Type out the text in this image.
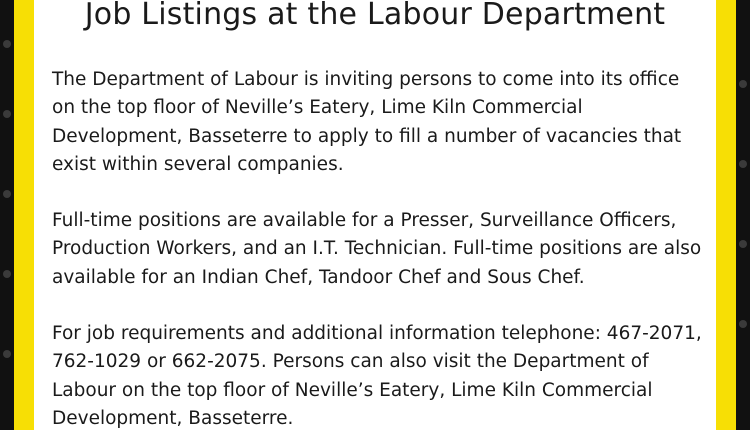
Job Listings at the Labour Department

The Department of Labour is inviting persons to come into its office on the top floor of Neville’s Eatery, Lime Kiln Commercial Development, Basseterre to apply to fill a number of vacancies that exist within several companies.

Full-time positions are available for a Presser, Surveillance Officers, Production Workers, and an I.T. Technician. Full-time positions are also available for an Indian Chef, Tandoor Chef and Sous Chef.

For job requirements and additional information telephone: 467-2071, 762-1029 or 662-2075. Persons can also visit the Department of Labour on the top floor of Neville’s Eatery, Lime Kiln Commercial Development, Basseterre.
